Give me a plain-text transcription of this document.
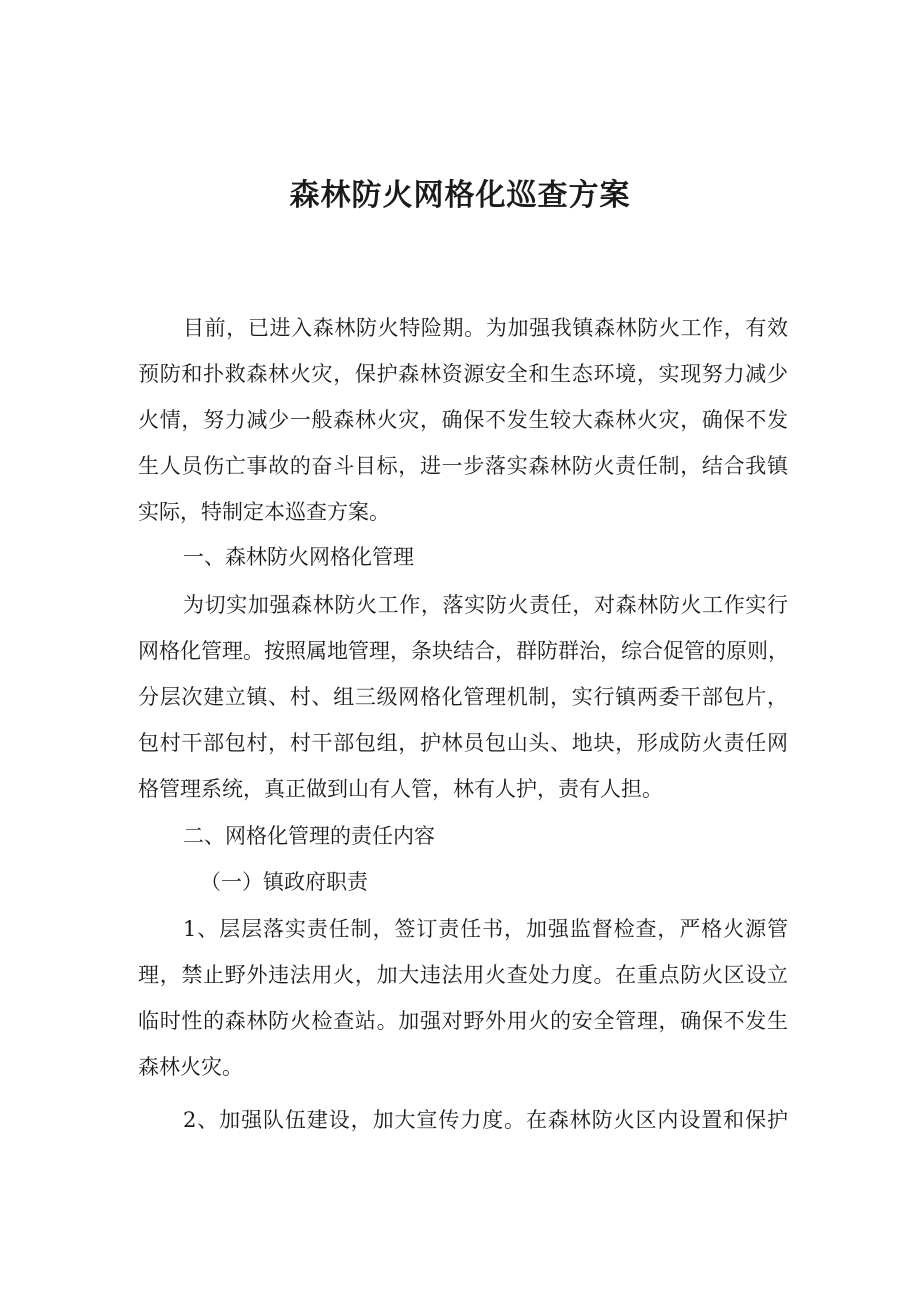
森林防火网格化巡查方案

目前，已进入森林防火特险期。为加强我镇森林防火工作，有效

预防和扑救森林火灾，保护森林资源安全和生态环境，实现努力减少

火情，努力减少一般森林火灾，确保不发生较大森林火灾，确保不发

生人员伤亡事故的奋斗目标，进一步落实森林防火责任制，结合我镇

实际，特制定本巡查方案。

一、森林防火网格化管理

为切实加强森林防火工作，落实防火责任，对森林防火工作实行

网格化管理。按照属地管理，条块结合，群防群治，综合促管的原则，

分层次建立镇、村、组三级网格化管理机制，实行镇两委干部包片，

包村干部包村，村干部包组，护林员包山头、地块，形成防火责任网

格管理系统，真正做到山有人管，林有人护，责有人担。

二、网格化管理的责任内容

（一）镇政府职责

1、层层落实责任制，签订责任书，加强监督检查，严格火源管

理，禁止野外违法用火，加大违法用火查处力度。在重点防火区设立

临时性的森林防火检查站。加强对野外用火的安全管理，确保不发生

森林火灾。

2、加强队伍建设，加大宣传力度。在森林防火区内设置和保护
